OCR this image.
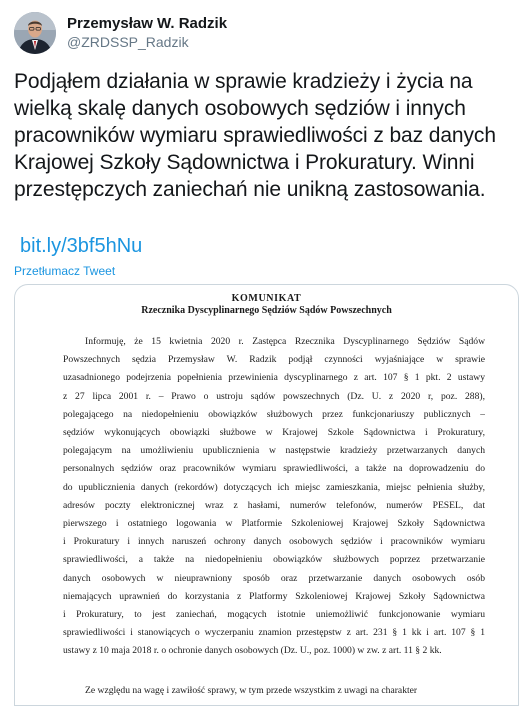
Przemysław W. Radzik
@ZRDSSP_Radzik
Podjąłem działania w sprawie kradzieży i życia na wielką skalę danych osobowych sędziów i innych pracowników wymiaru sprawiedliwości z baz danych Krajowej Szkoły Sądownictwa i Prokuratury. Winni przestępczych zaniechań nie unikną zastosowania.
bit.ly/3bf5hNu
Przetłumacz Tweet
KOMUNIKAT
Rzecznika Dyscyplinarnego Sędziów Sądów Powszechnych
Informuję, że 15 kwietnia 2020 r. Zastępca Rzecznika Dyscyplinarnego Sędziów Sądów
Powszechnych sędzia Przemysław W. Radzik podjął czynności wyjaśniające w sprawie
uzasadnionego podejrzenia popełnienia przewinienia dyscyplinarnego z art. 107 § 1 pkt. 2 ustawy
z 27 lipca 2001 r. – Prawo o ustroju sądów powszechnych (Dz. U. z 2020 r, poz. 288),
polegającego na niedopełnieniu obowiązków służbowych przez funkcjonariuszy publicznych –
sędziów wykonujących obowiązki służbowe w Krajowej Szkole Sądownictwa i Prokuratury,
polegającym na umożliwieniu upublicznienia w następstwie kradzieży przetwarzanych danych
personalnych sędziów oraz pracowników wymiaru sprawiedliwości, a także na doprowadzeniu do
do upublicznienia danych (rekordów) dotyczących ich miejsc zamieszkania, miejsc pełnienia służby,
adresów poczty elektronicznej wraz z hasłami, numerów telefonów, numerów PESEL, dat
pierwszego i ostatniego logowania w Platformie Szkoleniowej Krajowej Szkoły Sądownictwa
i Prokuratury i innych naruszeń ochrony danych osobowych sędziów i pracowników wymiaru
sprawiedliwości, a także na niedopełnieniu obowiązków służbowych poprzez przetwarzanie
danych osobowych w nieuprawniony sposób oraz przetwarzanie danych osobowych osób
niemających uprawnień do korzystania z Platformy Szkoleniowej Krajowej Szkoły Sądownictwa
i Prokuratury, to jest zaniechań, mogących istotnie uniemożliwić funkcjonowanie wymiaru
sprawiedliwości i stanowiących o wyczerpaniu znamion przestępstw z art. 231 § 1 kk i art. 107 § 1
ustawy z 10 maja 2018 r. o ochronie danych osobowych (Dz. U., poz. 1000) w zw. z art. 11 § 2 kk.
Ze względu na wagę i zawiłość sprawy, w tym przede wszystkim z uwagi na charakter
